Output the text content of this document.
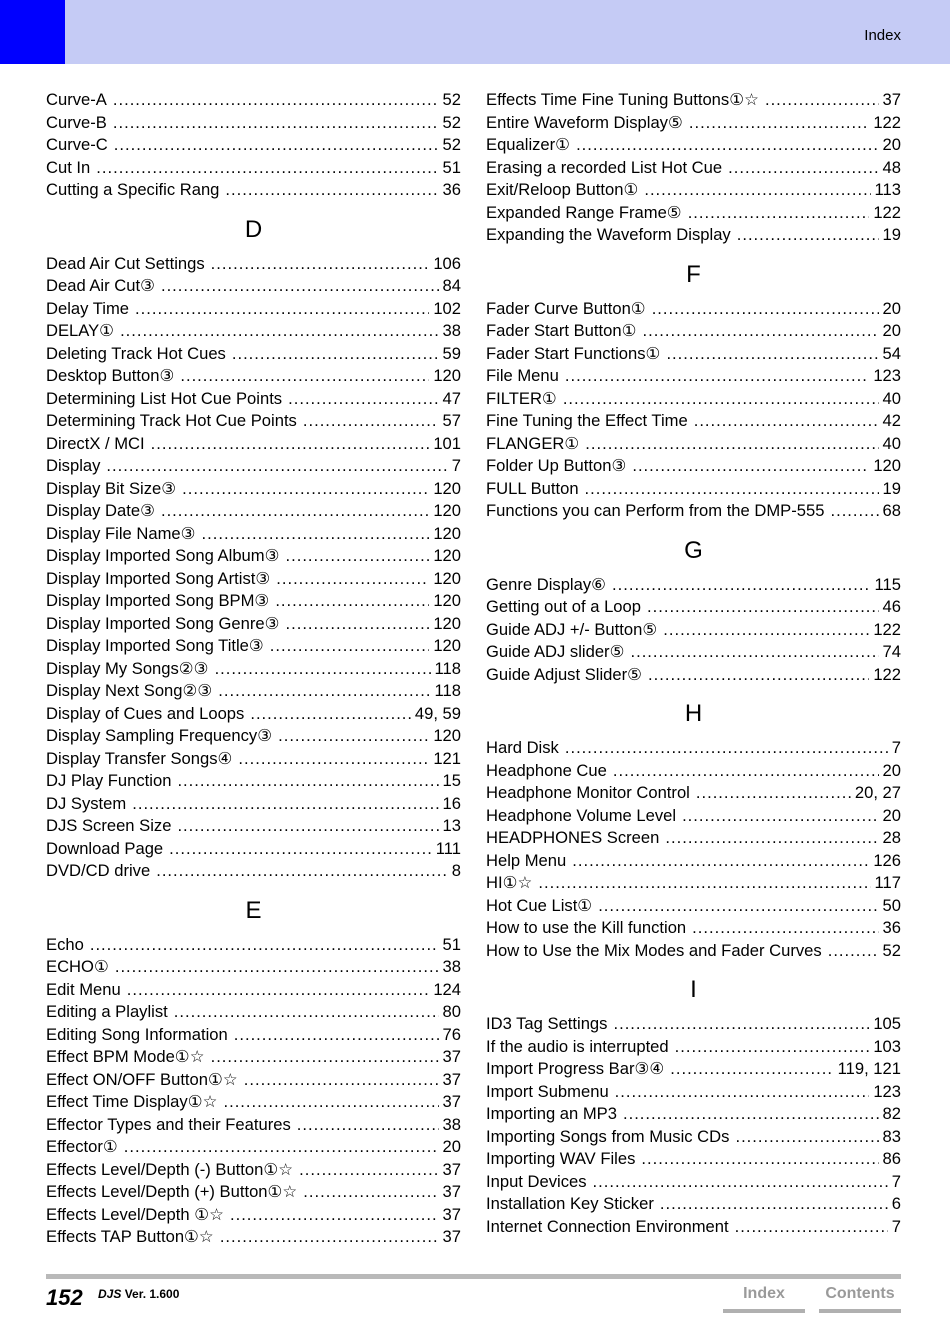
Index
Curve-A .....	52
Curve-B .....	52
Curve-C .....	52
Cut In .....	51
Cutting a Specific Rang .....	36
D
Dead Air Cut Settings .....	106
Dead Air Cut③ .....	84
Delay Time .....	102
DELAY① .....	38
Deleting Track Hot Cues .....	59
Desktop Button③ .....	120
Determining List Hot Cue Points .....	47
Determining Track Hot Cue Points .....	57
DirectX / MCI .....	101
Display .....	7
Display Bit Size③ .....	120
Display Date③ .....	120
Display File Name③ .....	120
Display Imported Song Album③ .....	120
Display Imported Song Artist③ .....	120
Display Imported Song BPM③ .....	120
Display Imported Song Genre③ .....	120
Display Imported Song Title③ .....	120
Display My Songs②③ .....	118
Display Next Song②③ .....	118
Display of Cues and Loops .....	49, 59
Display Sampling Frequency③ .....	120
Display Transfer Songs④ .....	121
DJ Play Function .....	15
DJ System .....	16
DJS Screen Size .....	13
Download Page .....	111
DVD/CD drive .....	8
E
Echo .....	51
ECHO① .....	38
Edit Menu .....	124
Editing a Playlist .....	80
Editing Song Information .....	76
Effect BPM Mode①☆ .....	37
Effect ON/OFF Button①☆ .....	37
Effect Time Display①☆ .....	37
Effector Types and their Features .....	38
Effector① .....	20
Effects Level/Depth (-) Button①☆ .....	37
Effects Level/Depth (+) Button①☆ .....	37
Effects Level/Depth ①☆ .....	37
Effects TAP Button①☆ .....	37
Effects Time Fine Tuning Buttons①☆ .....	37
Entire Waveform Display⑤ .....	122
Equalizer① .....	20
Erasing a recorded List Hot Cue .....	48
Exit/Reloop Button① .....	113
Expanded Range Frame⑤ .....	122
Expanding the Waveform Display .....	19
F
Fader Curve Button① .....	20
Fader Start Button① .....	20
Fader Start Functions① .....	54
File Menu .....	123
FILTER① .....	40
Fine Tuning the Effect Time .....	42
FLANGER① .....	40
Folder Up Button③ .....	120
FULL Button .....	19
Functions you can Perform from the DMP-555 .....	68
G
Genre Display⑥ .....	115
Getting out of a Loop .....	46
Guide ADJ +/- Button⑤ .....	122
Guide ADJ slider⑤ .....	74
Guide Adjust Slider⑤ .....	122
H
Hard Disk .....	7
Headphone Cue .....	20
Headphone Monitor Control .....	20, 27
Headphone Volume Level .....	20
HEADPHONES Screen .....	28
Help Menu .....	126
HI①☆ .....	117
Hot Cue List① .....	50
How to use the Kill function .....	36
How to Use the Mix Modes and Fader Curves .....	52
I
ID3 Tag Settings .....	105
If the audio is interrupted .....	103
Import Progress Bar③④ .....	119, 121
Import Submenu .....	123
Importing an MP3 .....	82
Importing Songs from Music CDs .....	83
Importing WAV Files .....	86
Input Devices .....	7
Installation Key Sticker .....	6
Internet Connection Environment .....	7
152 DJS Ver. 1.600	Index	Contents
